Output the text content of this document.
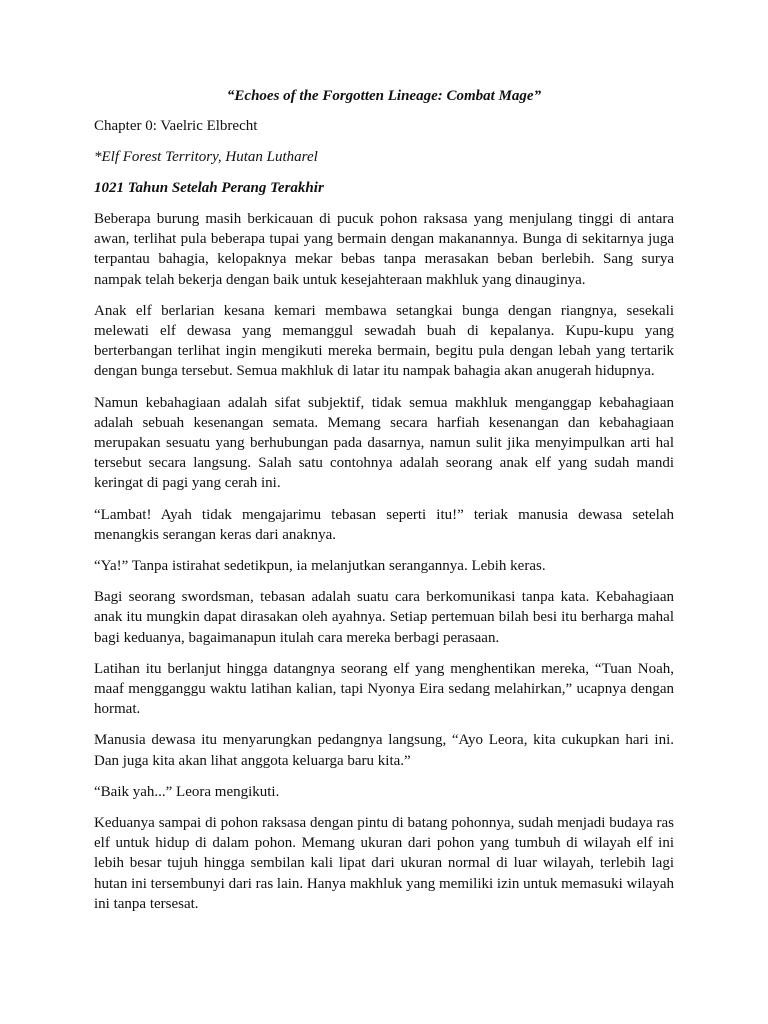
“Echoes of the Forgotten Lineage: Combat Mage”

Chapter 0: Vaelric Elbrecht

*Elf Forest Territory, Hutan Lutharel

1021 Tahun Setelah Perang Terakhir

Beberapa burung masih berkicauan di pucuk pohon raksasa yang menjulang tinggi di antara awan, terlihat pula beberapa tupai yang bermain dengan makanannya. Bunga di sekitarnya juga terpantau bahagia, kelopaknya mekar bebas tanpa merasakan beban berlebih. Sang surya nampak telah bekerja dengan baik untuk kesejahteraan makhluk yang dinauginya.

Anak elf berlarian kesana kemari membawa setangkai bunga dengan riangnya, sesekali melewati elf dewasa yang memanggul sewadah buah di kepalanya. Kupu-kupu yang berterbangan terlihat ingin mengikuti mereka bermain, begitu pula dengan lebah yang tertarik dengan bunga tersebut. Semua makhluk di latar itu nampak bahagia akan anugerah hidupnya.

Namun kebahagiaan adalah sifat subjektif, tidak semua makhluk menganggap kebahagiaan adalah sebuah kesenangan semata. Memang secara harfiah kesenangan dan kebahagiaan merupakan sesuatu yang berhubungan pada dasarnya, namun sulit jika menyimpulkan arti hal tersebut secara langsung. Salah satu contohnya adalah seorang anak elf yang sudah mandi keringat di pagi yang cerah ini.

“Lambat! Ayah tidak mengajarimu tebasan seperti itu!” teriak manusia dewasa setelah menangkis serangan keras dari anaknya.

“Ya!” Tanpa istirahat sedetikpun, ia melanjutkan serangannya. Lebih keras.

Bagi seorang swordsman, tebasan adalah suatu cara berkomunikasi tanpa kata. Kebahagiaan anak itu mungkin dapat dirasakan oleh ayahnya. Setiap pertemuan bilah besi itu berharga mahal bagi keduanya, bagaimanapun itulah cara mereka berbagi perasaan.

Latihan itu berlanjut hingga datangnya seorang elf yang menghentikan mereka, “Tuan Noah, maaf mengganggu waktu latihan kalian, tapi Nyonya Eira sedang melahirkan,” ucapnya dengan hormat.

Manusia dewasa itu menyarungkan pedangnya langsung, “Ayo Leora, kita cukupkan hari ini. Dan juga kita akan lihat anggota keluarga baru kita.”

“Baik yah...” Leora mengikuti.

Keduanya sampai di pohon raksasa dengan pintu di batang pohonnya, sudah menjadi budaya ras elf untuk hidup di dalam pohon. Memang ukuran dari pohon yang tumbuh di wilayah elf ini lebih besar tujuh hingga sembilan kali lipat dari ukuran normal di luar wilayah, terlebih lagi hutan ini tersembunyi dari ras lain. Hanya makhluk yang memiliki izin untuk memasuki wilayah ini tanpa tersesat.
